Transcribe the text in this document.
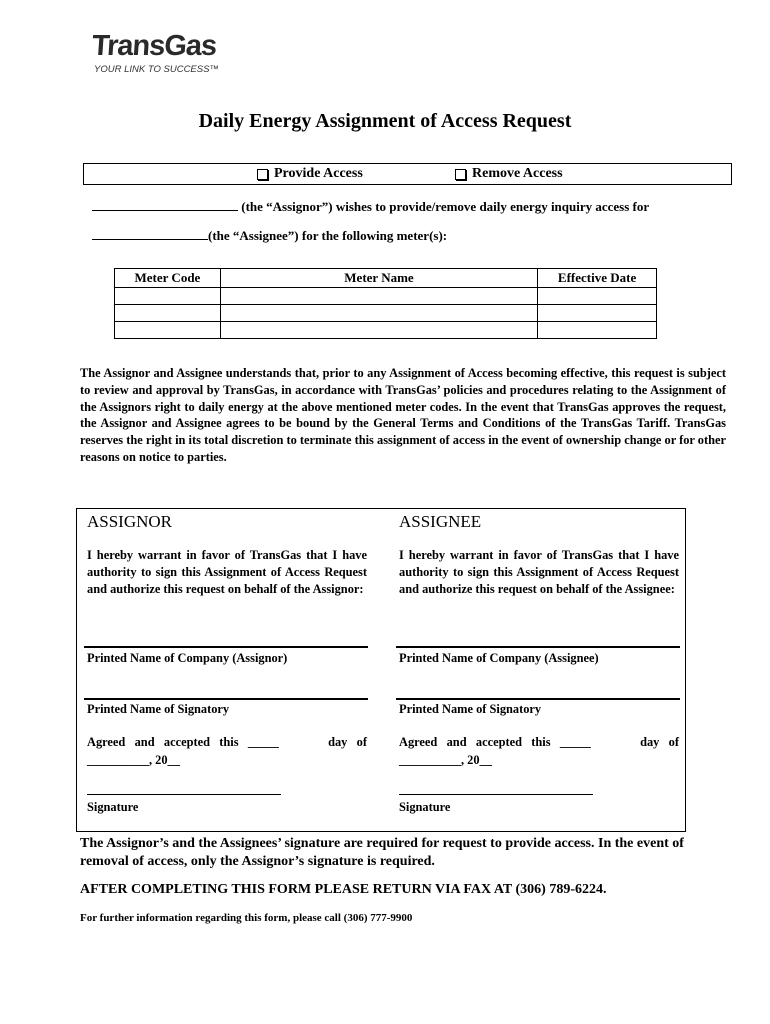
TransGas
YOUR LINK TO SUCCESS™
Daily Energy Assignment of Access Request
Provide Access	Remove Access
(the “Assignor”) wishes to provide/remove daily energy inquiry access for
(the “Assignee”) for the following meter(s):
Meter Code	Meter Name	Effective Date

The Assignor and Assignee understands that, prior to any Assignment of Access becoming effective, this request is subject to review and approval by TransGas, in accordance with TransGas’ policies and procedures relating to the Assignment of the Assignors right to daily energy at the above mentioned meter codes. In the event that TransGas approves the request, the Assignor and Assignee agrees to be bound by the General Terms and Conditions of the TransGas Tariff. TransGas reserves the right in its total discretion to terminate this assignment of access in the event of ownership change or for other reasons on notice to parties.
ASSIGNOR
I hereby warrant in favor of TransGas that I have authority to sign this Assignment of Access Request and authorize this request on behalf of the Assignor:
Printed Name of Company (Assignor)
Printed Name of Signatory
Agreed   and   accepted   this   _____	day   of
__________, 20__
Signature
ASSIGNEE
I hereby warrant in favor of TransGas that I have authority to sign this Assignment of Access Request and authorize this request on behalf of the Assignee:
Printed Name of Company (Assignee)
Printed Name of Signatory
Agreed   and   accepted   this   _____	day   of
__________, 20__
Signature
The Assignor’s and the Assignees’ signature are required for request to provide access. In the event of removal of access, only the Assignor’s signature is required.
AFTER COMPLETING THIS FORM PLEASE RETURN VIA FAX AT (306) 789-6224.
For further information regarding this form, please call (306) 777-9900
